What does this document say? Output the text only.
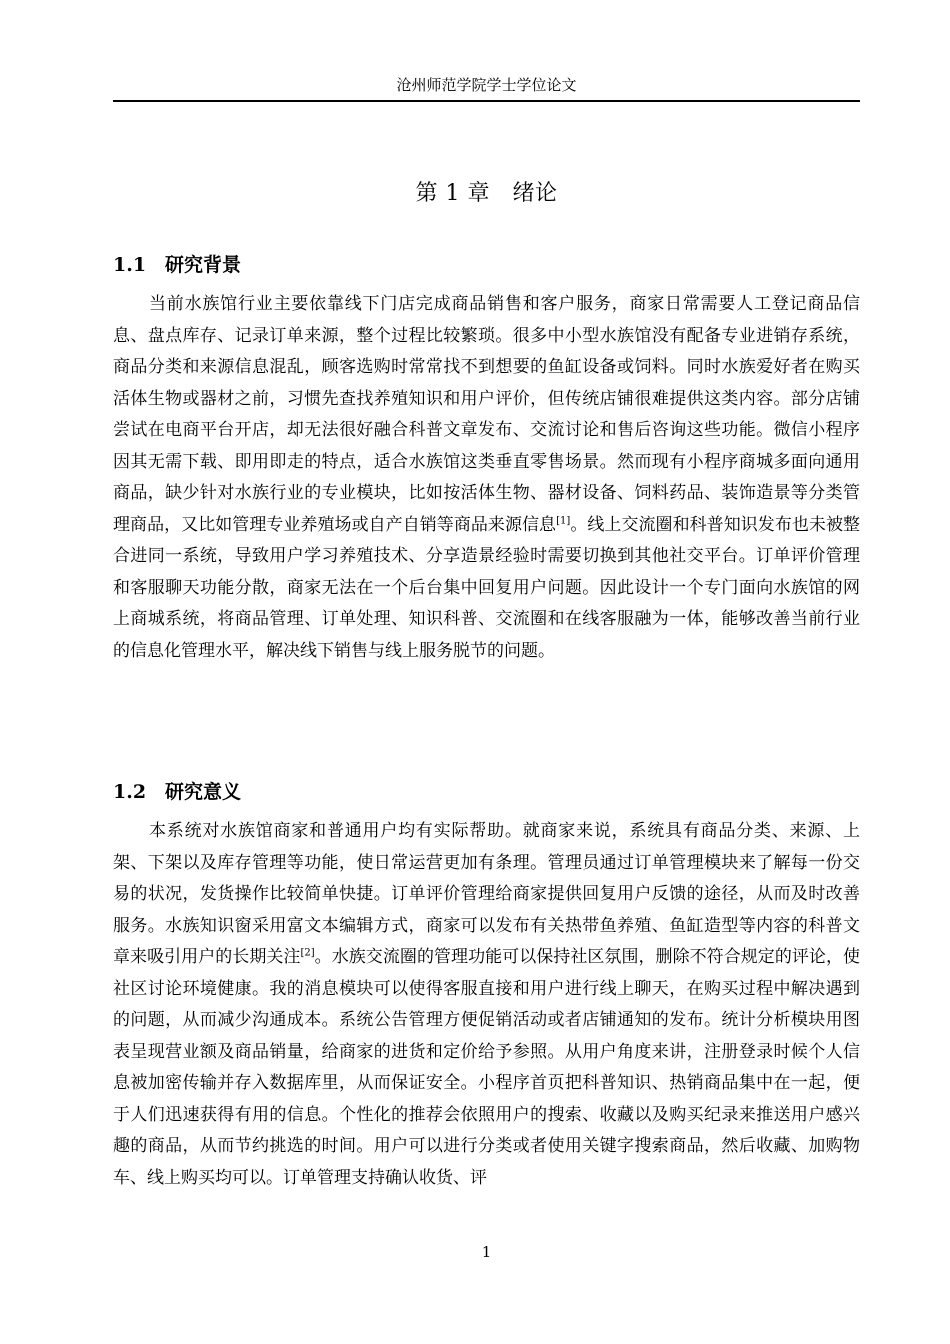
沧州师范学院学士学位论文
第 1 章　绪论
1.1 研究背景

当前水族馆行业主要依靠线下门店完成商品销售和客户服务，商家日常需要人工登记商品信息、盘点库存、记录订单来源，整个过程比较繁琐。很多中小型水族馆没有配备专业进销存系统，商品分类和来源信息混乱，顾客选购时常常找不到想要的鱼缸设备或饲料。同时水族爱好者在购买活体生物或器材之前，习惯先查找养殖知识和用户评价，但传统店铺很难提供这类内容。部分店铺尝试在电商平台开店，却无法很好融合科普文章发布、交流讨论和售后咨询这些功能。微信小程序因其无需下载、即用即走的特点，适合水族馆这类垂直零售场景。然而现有小程序商城多面向通用商品，缺少针对水族行业的专业模块，比如按活体生物、器材设备、饲料药品、装饰造景等分类管理商品，又比如管理专业养殖场或自产自销等商品来源信息[1]。线上交流圈和科普知识发布也未被整合进同一系统，导致用户学习养殖技术、分享造景经验时需要切换到其他社交平台。订单评价管理和客服聊天功能分散，商家无法在一个后台集中回复用户问题。因此设计一个专门面向水族馆的网上商城系统，将商品管理、订单处理、知识科普、交流圈和在线客服融为一体，能够改善当前行业的信息化管理水平，解决线下销售与线上服务脱节的问题。

1.2 研究意义

本系统对水族馆商家和普通用户均有实际帮助。就商家来说，系统具有商品分类、来源、上架、下架以及库存管理等功能，使日常运营更加有条理。管理员通过订单管理模块来了解每一份交易的状况，发货操作比较简单快捷。订单评价管理给商家提供回复用户反馈的途径，从而及时改善服务。水族知识窗采用富文本编辑方式，商家可以发布有关热带鱼养殖、鱼缸造型等内容的科普文章来吸引用户的长期关注[2]。水族交流圈的管理功能可以保持社区氛围，删除不符合规定的评论，使社区讨论环境健康。我的消息模块可以使得客服直接和用户进行线上聊天，在购买过程中解决遇到的问题，从而减少沟通成本。系统公告管理方便促销活动或者店铺通知的发布。统计分析模块用图表呈现营业额及商品销量，给商家的进货和定价给予参照。从用户角度来讲，注册登录时候个人信息被加密传输并存入数据库里，从而保证安全。小程序首页把科普知识、热销商品集中在一起，便于人们迅速获得有用的信息。个性化的推荐会依照用户的搜索、收藏以及购买纪录来推送用户感兴趣的商品，从而节约挑选的时间。用户可以进行分类或者使用关键字搜索商品，然后收藏、加购物车、线上购买均可以。订单管理支持确认收货、评

1
